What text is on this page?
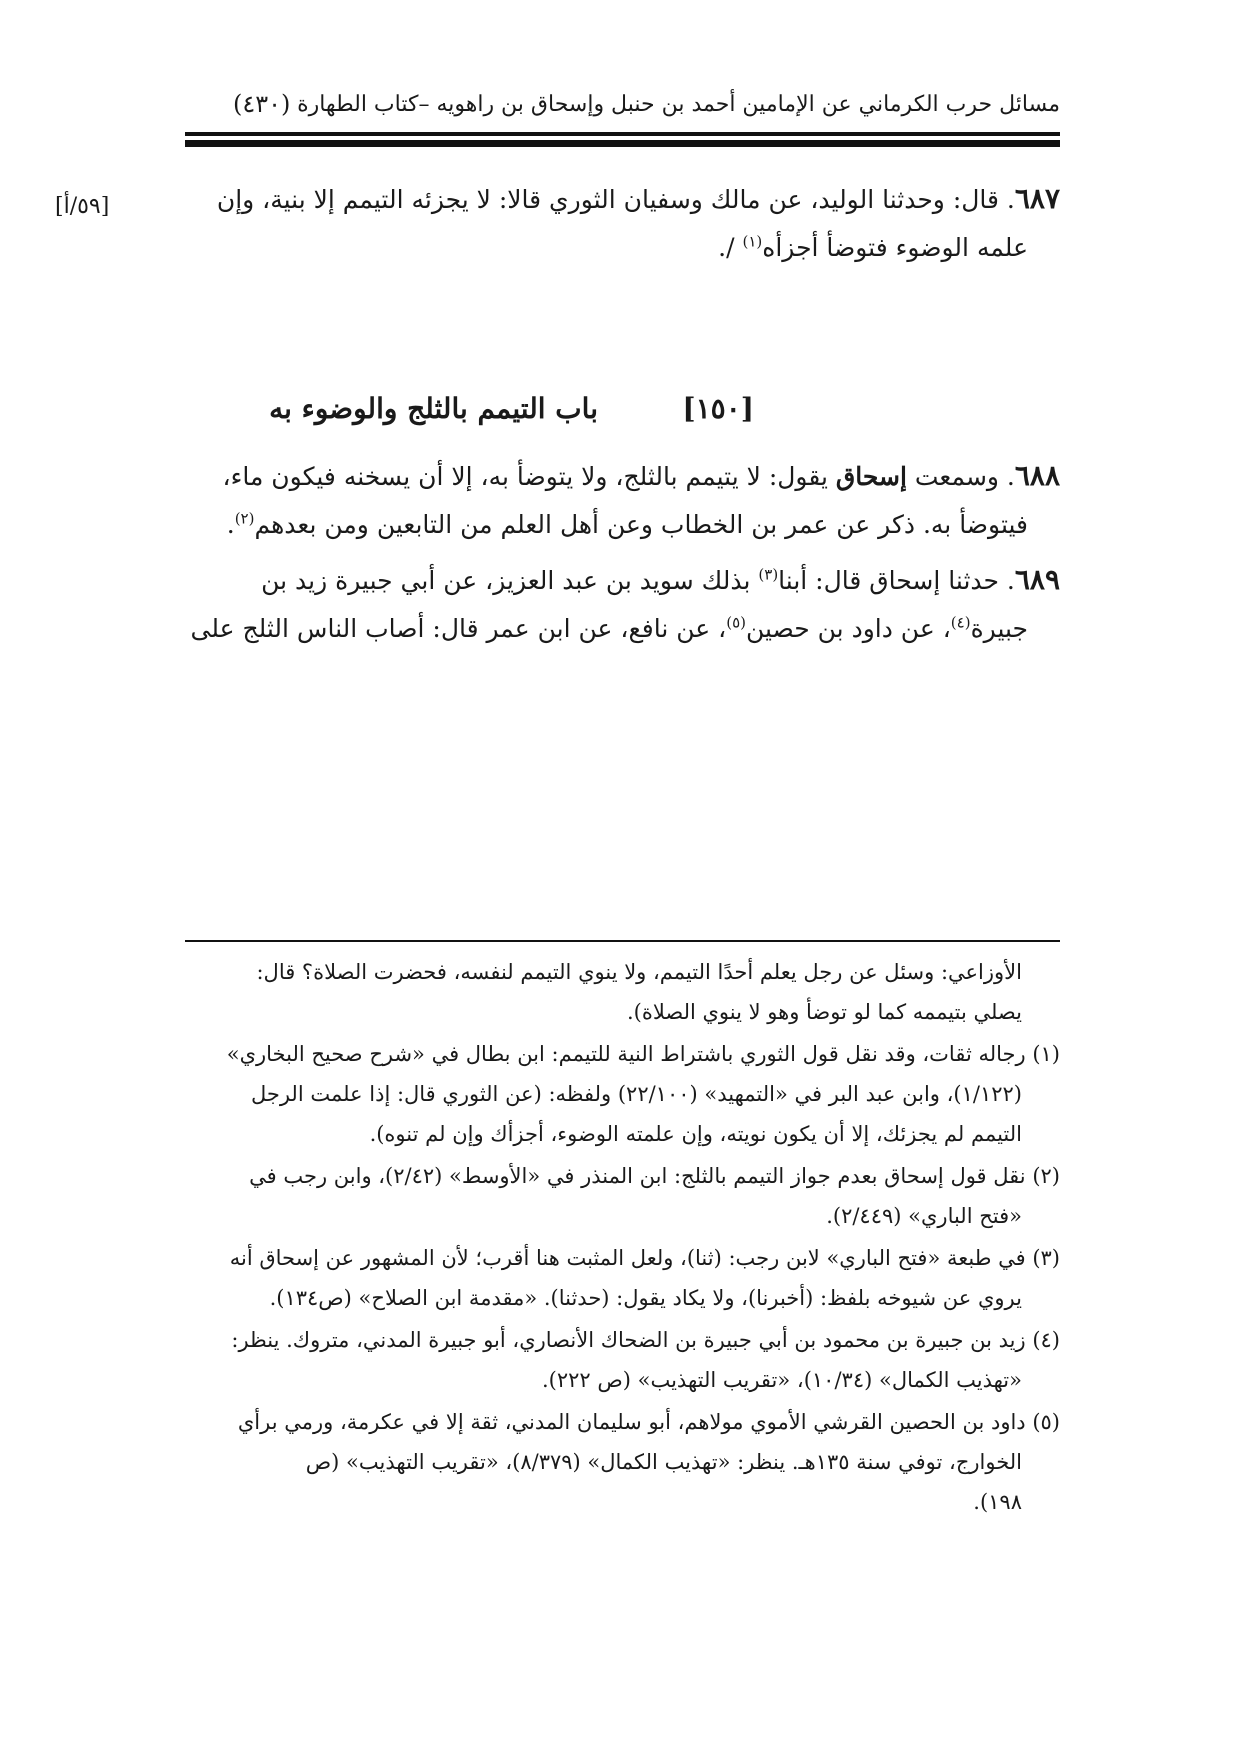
مسائل حرب الكرماني عن الإمامين أحمد بن حنبل وإسحاق بن راهويه –كتاب الطهارة
(٤٣٠)
[٥٩/أ]	٦٨٧. قال: وحدثنا الوليد، عن مالك وسفيان الثوري قالا: لا يجزئه التيمم إلا بنية، وإن
علمه الوضوء فتوضأ أجزأه$^{(١)}$ /.
[١٥٠]
باب التيمم بالثلج والوضوء به
٦٨٨. وسمعت إسحاق يقول: لا يتيمم بالثلج، ولا يتوضأ به، إلا أن يسخنه فيكون ماء،
فيتوضأ به. ذكر عن عمر بن الخطاب وعن أهل العلم من التابعين ومن بعدهم$^{(٢)}$.
٦٨٩. حدثنا إسحاق قال: أبنا$^{(٣)}$ بذلك سويد بن عبد العزيز، عن أبي جبيرة زيد بن
جبيرة$^{(٤)}$، عن داود بن حصين$^{(٥)}$، عن نافع، عن ابن عمر قال: أصاب الناس الثلج على
الأوزاعي: وسئل عن رجل يعلم أحدًا التيمم، ولا ينوي التيمم لنفسه، فحضرت الصلاة؟ قال:
يصلي بتيممه كما لو توضأ وهو لا ينوي الصلاة).
(١) رجاله ثقات، وقد نقل قول الثوري باشتراط النية للتيمم: ابن بطال في «شرح صحيح البخاري»
(١/١٢٢)، وابن عبد البر في «التمهيد» (٢٢/١٠٠) ولفظه: (عن الثوري قال: إذا علمت الرجل
التيمم لم يجزئك، إلا أن يكون نويته، وإن علمته الوضوء، أجزأك وإن لم تنوه).
(٢) نقل قول إسحاق بعدم جواز التيمم بالثلج: ابن المنذر في «الأوسط» (٢/٤٢)، وابن رجب في
«فتح الباري» (٢/٤٤٩).
(٣) في طبعة «فتح الباري» لابن رجب: (ثنا)، ولعل المثبت هنا أقرب؛ لأن المشهور عن إسحاق أنه
يروي عن شيوخه بلفظ: (أخبرنا)، ولا يكاد يقول: (حدثنا). «مقدمة ابن الصلاح» (ص١٣٤).
(٤) زيد بن جبيرة بن محمود بن أبي جبيرة بن الضحاك الأنصاري، أبو جبيرة المدني، متروك. ينظر:
«تهذيب الكمال» (١٠/٣٤)، «تقريب التهذيب» (ص ٢٢٢).
(٥) داود بن الحصين القرشي الأموي مولاهم، أبو سليمان المدني، ثقة إلا في عكرمة، ورمي برأي
الخوارج، توفي سنة ١٣٥هـ. ينظر: «تهذيب الكمال» (٨/٣٧٩)، «تقريب التهذيب» (ص
١٩٨).
